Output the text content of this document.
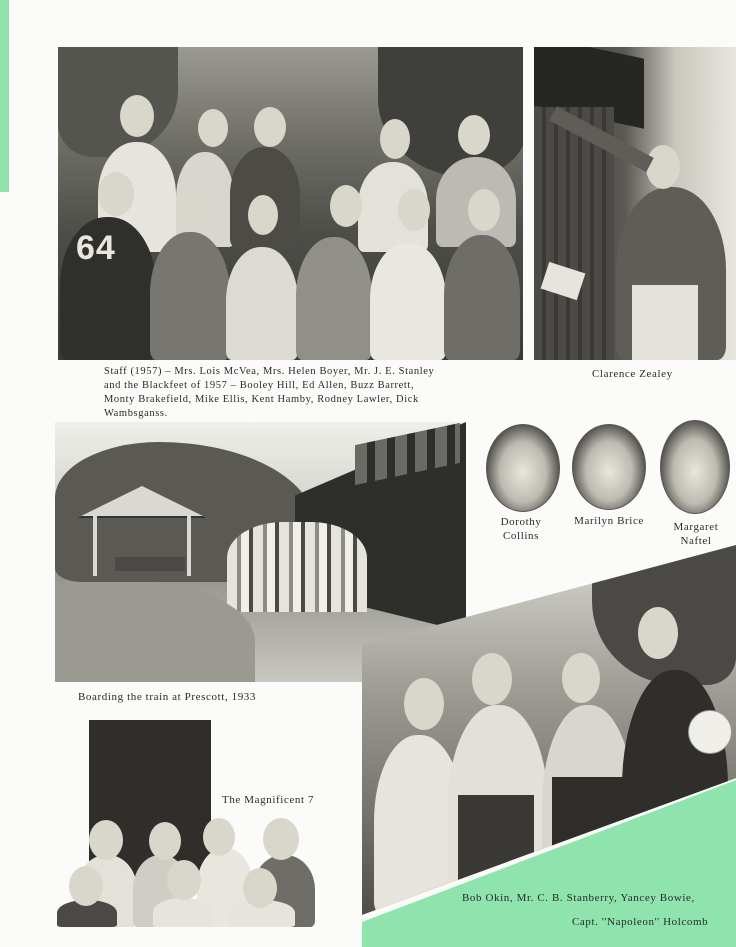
64
Staff (1957) – Mrs. Lois McVea, Mrs. Helen Boyer, Mr. J. E. Stanley
and the Blackfeet of 1957 – Booley Hill, Ed Allen, Buzz Barrett,
Monty Brakefield, Mike Ellis, Kent Hamby, Rodney Lawler, Dick
Wambsganss.
Clarence Zealey
Boarding the train at Prescott, 1933
Dorothy
Collins
Marilyn Brice	Margaret
Naftel
Bob Okin, Mr. C. B. Stanberry, Yancey Bowie,
Capt. ''Napoleon'' Holcomb
The Magnificent 7
